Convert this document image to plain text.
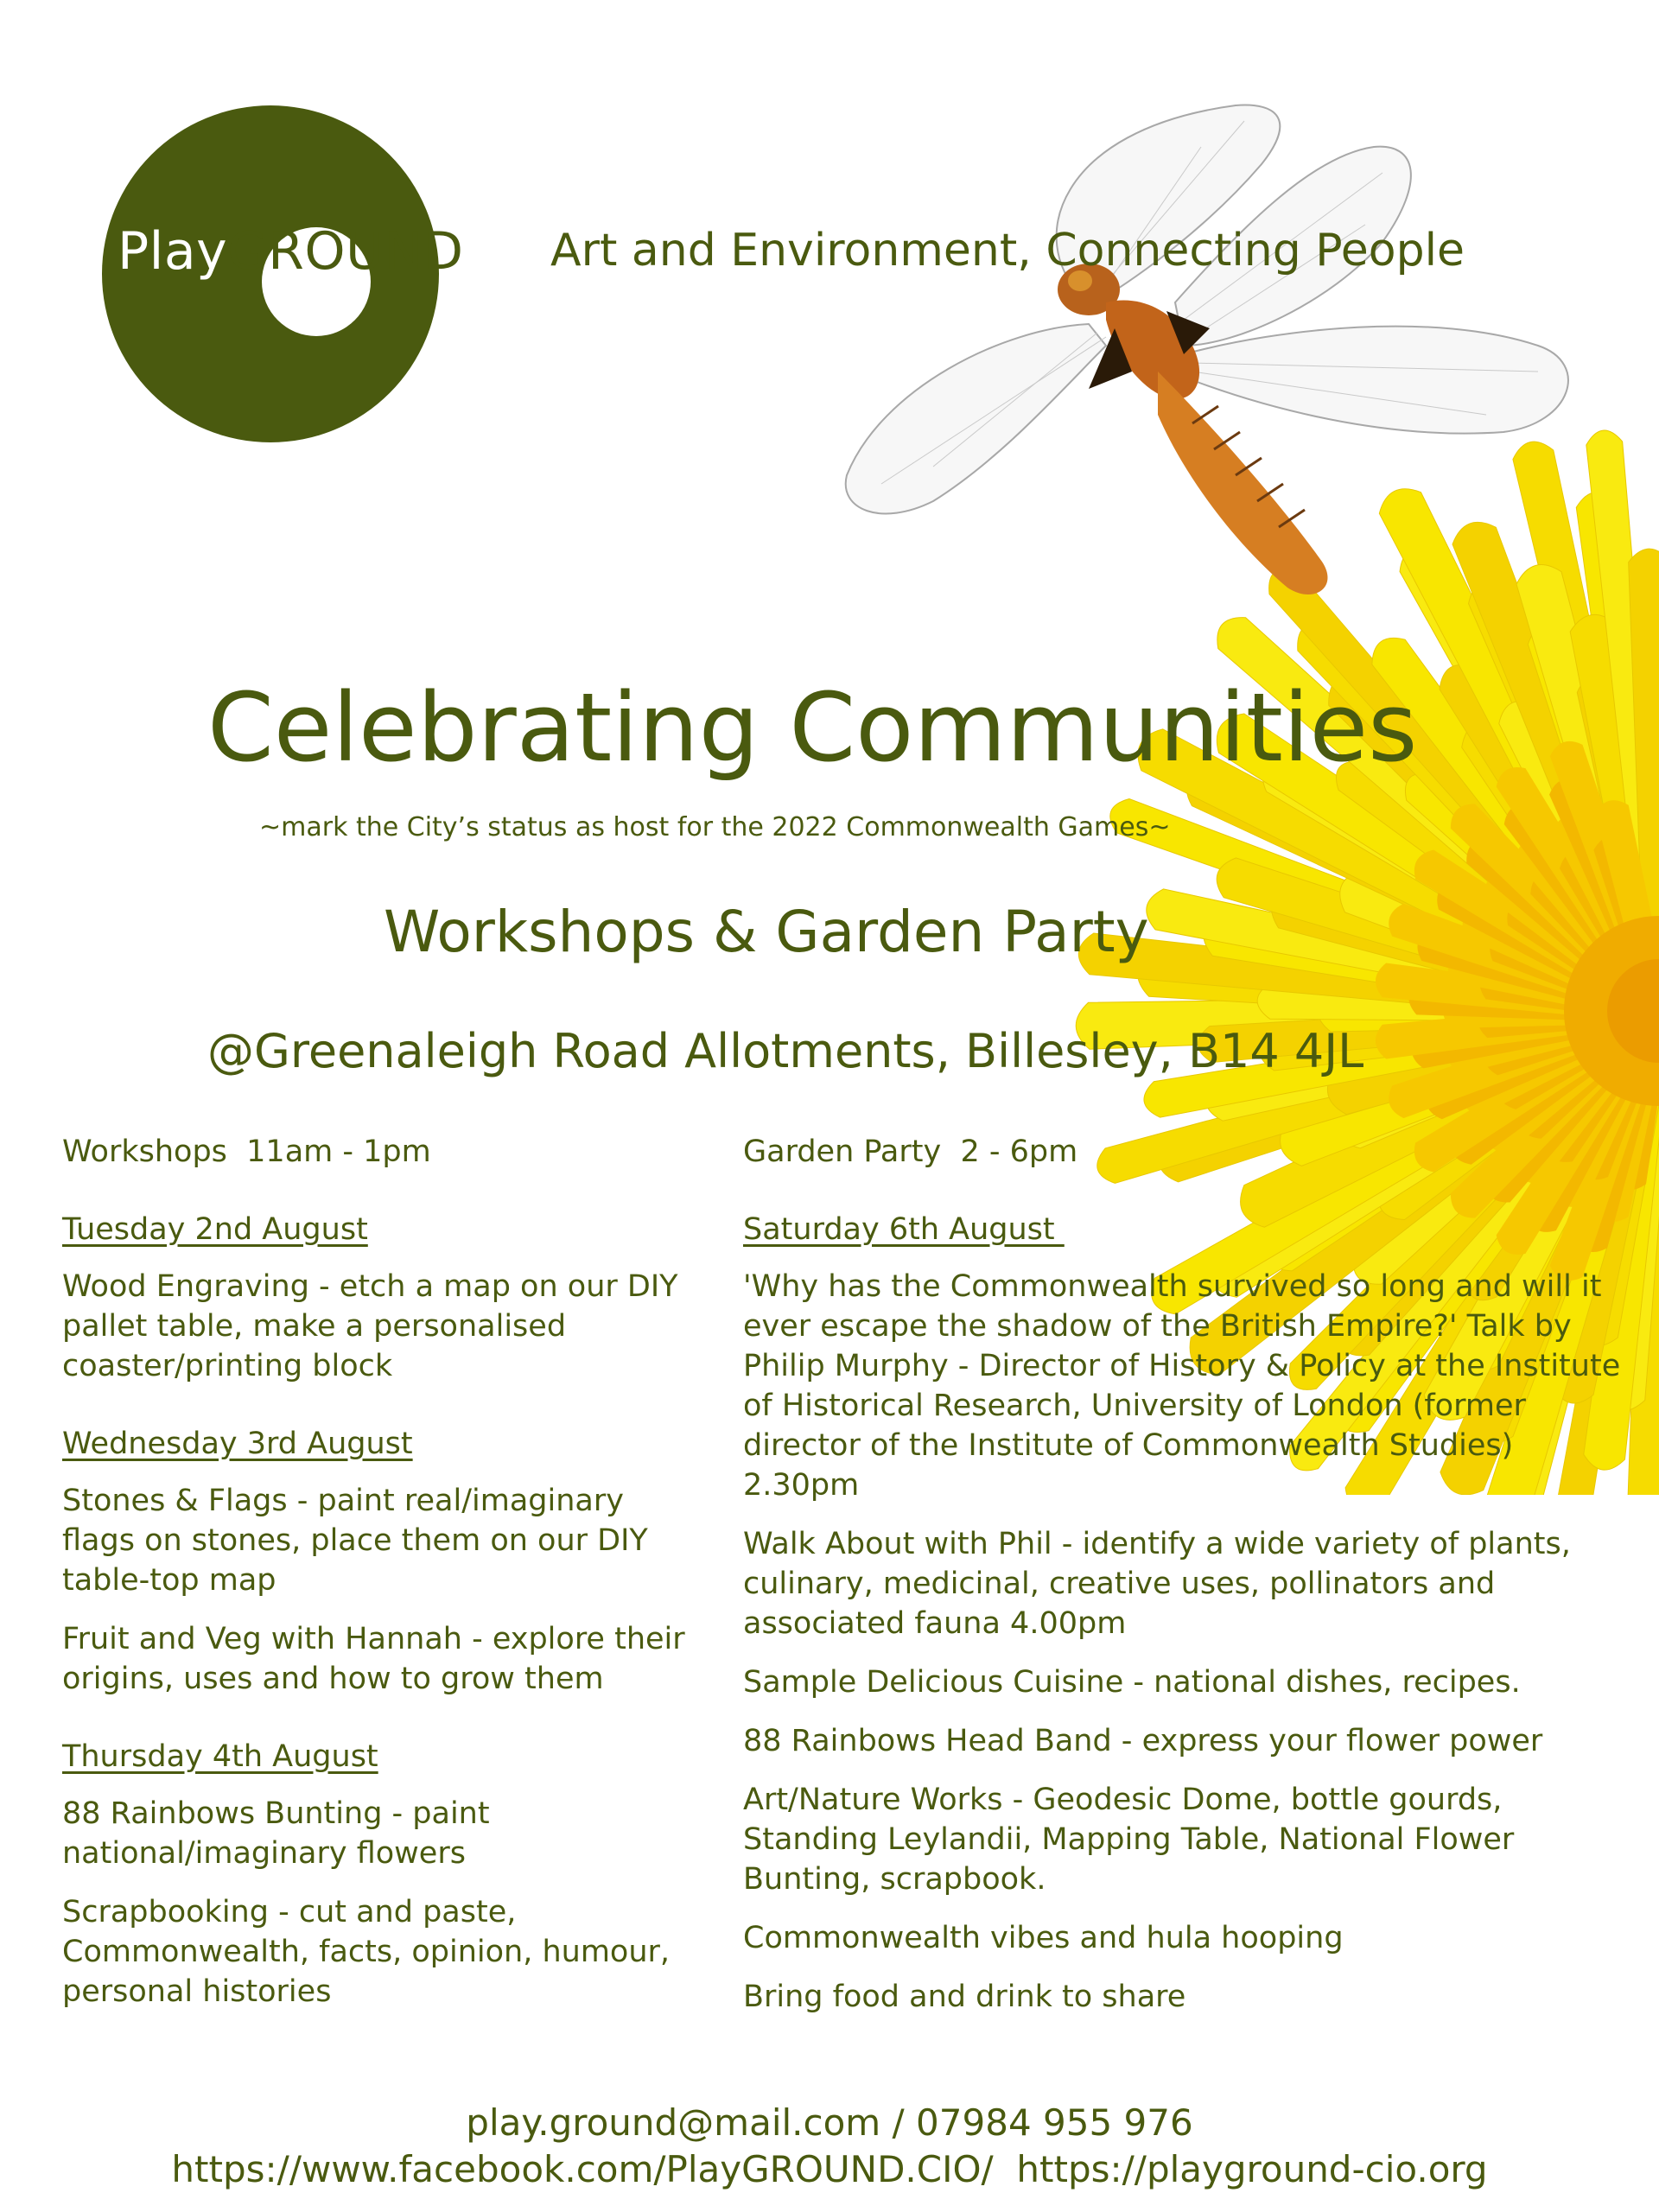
PlayGROUND Art and Environment, Connecting People
Celebrating Communities
~mark the City’s status as host for the 2022 Commonwealth Games~
Workshops & Garden Party
@Greenaleigh Road Allotments, Billesley, B14 4JL
Workshops  11am - 1pm
Tuesday 2nd August
Wood Engraving - etch a map on our DIY pallet table, make a personalised coaster/printing block
Wednesday 3rd August
Stones & Flags - paint real/imaginary flags on stones, place them on our DIY table-top map
Fruit and Veg with Hannah - explore their origins, uses and how to grow them
Thursday 4th August
88 Rainbows Bunting - paint national/imaginary flowers
Scrapbooking - cut and paste, Commonwealth, facts, opinion, humour, personal histories
Garden Party  2 - 6pm
Saturday 6th August
'Why has the Commonwealth survived so long and will it ever escape the shadow of the British Empire?' Talk by Philip Murphy - Director of History & Policy at the Institute of Historical Research, University of London (former director of the Institute of Commonwealth Studies) 2.30pm
Walk About with Phil - identify a wide variety of plants, culinary, medicinal, creative uses, pollinators and associated fauna 4.00pm
Sample Delicious Cuisine - national dishes, recipes.
88 Rainbows Head Band - express your flower power
Art/Nature Works - Geodesic Dome, bottle gourds, Standing Leylandii, Mapping Table, National Flower Bunting, scrapbook.
Commonwealth vibes and hula hooping
Bring food and drink to share
play.ground@mail.com / 07984 955 976
https://www.facebook.com/PlayGROUND.CIO/  https://playground-cio.org
